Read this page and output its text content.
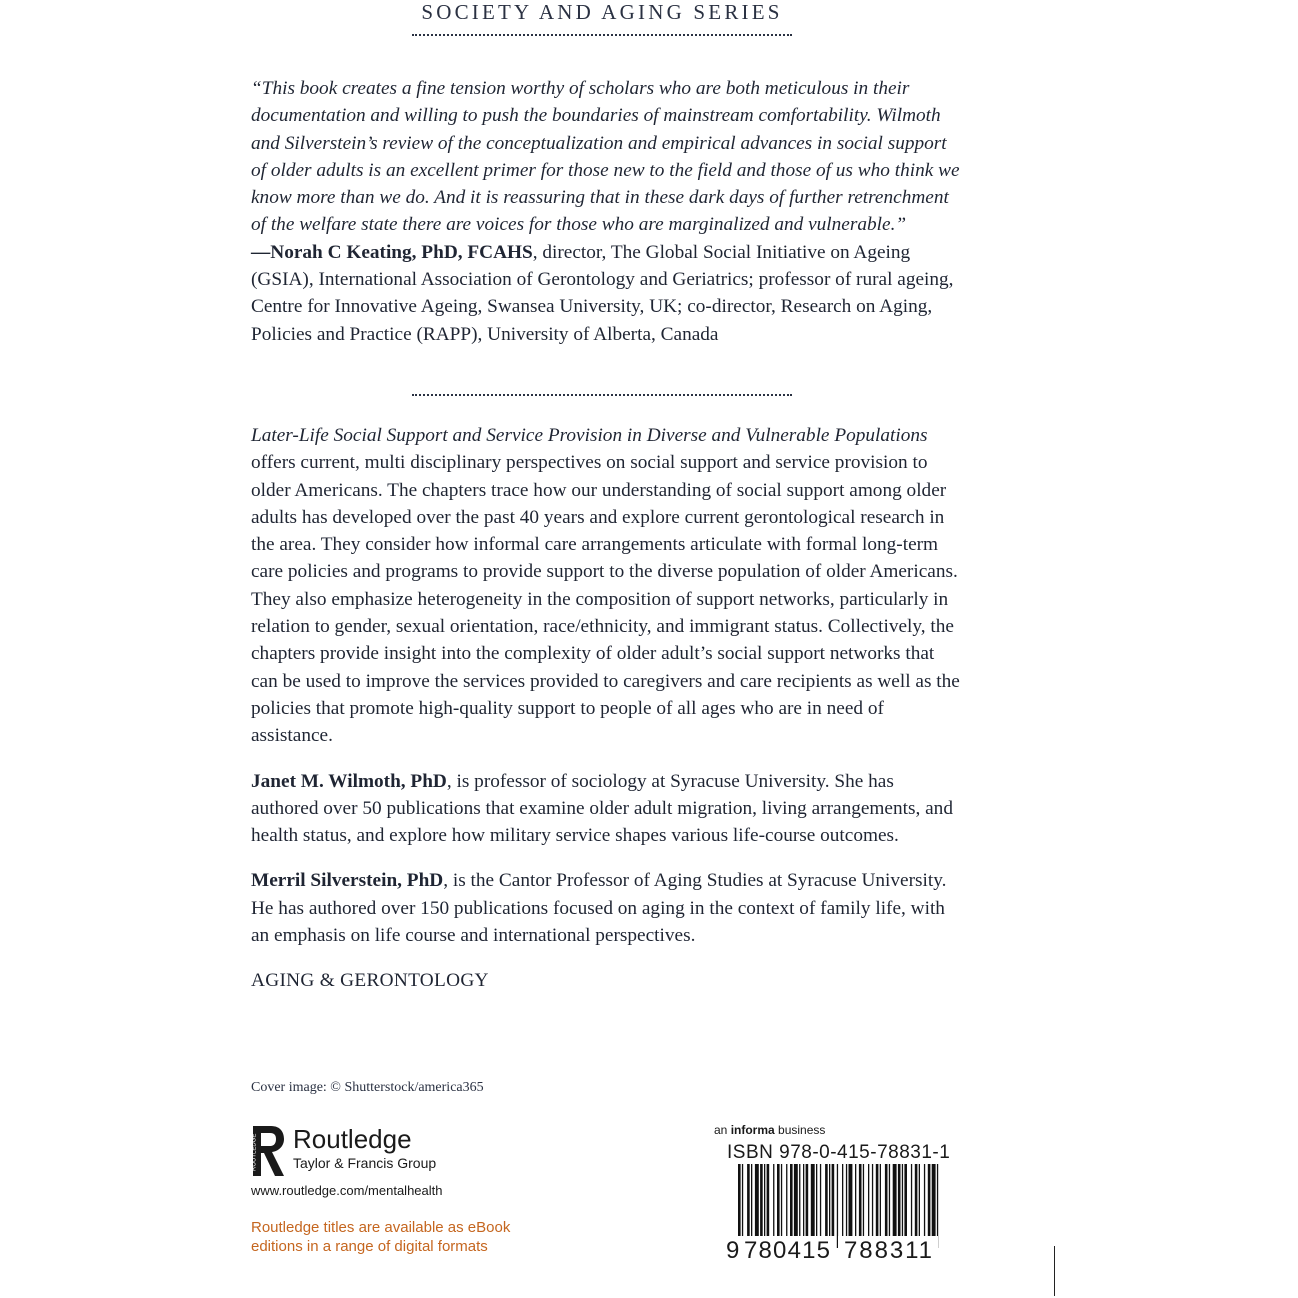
SOCIETY AND AGING SERIES

“This book creates a fine tension worthy of scholars who are both meticulous in their documentation and willing to push the boundaries of mainstream comfortability. Wilmoth and Silverstein’s review of the conceptualization and empirical advances in social support of older adults is an excellent primer for those new to the field and those of us who think we know more than we do. And it is reassuring that in these dark days of further retrenchment of the welfare state there are voices for those who are marginalized and vulnerable.”

—Norah C Keating, PhD, FCAHS, director, The Global Social Initiative on Ageing (GSIA), International Association of Gerontology and Geriatrics; professor of rural ageing, Centre for Innovative Ageing, Swansea University, UK; co-director, Research on Aging, Policies and Practice (RAPP), University of Alberta, Canada

Later-Life Social Support and Service Provision in Diverse and Vulnerable Populations offers current, multi disciplinary perspectives on social support and service provision to older Americans. The chapters trace how our understanding of social support among older adults has developed over the past 40 years and explore current gerontological research in the area. They consider how informal care arrangements articulate with formal long-term care policies and programs to provide support to the diverse population of older Americans. They also emphasize heterogeneity in the composition of support networks, particularly in relation to gender, sexual orientation, race/ethnicity, and immigrant status. Collectively, the chapters provide insight into the complexity of older adult’s social support networks that can be used to improve the services provided to caregivers and care recipients as well as the policies that promote high-quality support to people of all ages who are in need of assistance.

Janet M. Wilmoth, PhD, is professor of sociology at Syracuse University. She has authored over 50 publications that examine older adult migration, living arrangements, and health status, and explore how military service shapes various life-course outcomes.

Merril Silverstein, PhD, is the Cantor Professor of Aging Studies at Syracuse University. He has authored over 150 publications focused on aging in the context of family life, with an emphasis on life course and international perspectives.

AGING & GERONTOLOGY

Cover image: © Shutterstock/america365
ROUTLEDGE Routledge
Taylor & Francis Group
www.routledge.com/mentalhealth
Routledge titles are available as eBook editions in a range of digital formats
an informa business
ISBN 978-0-415-78831-1
9 780415 788311
